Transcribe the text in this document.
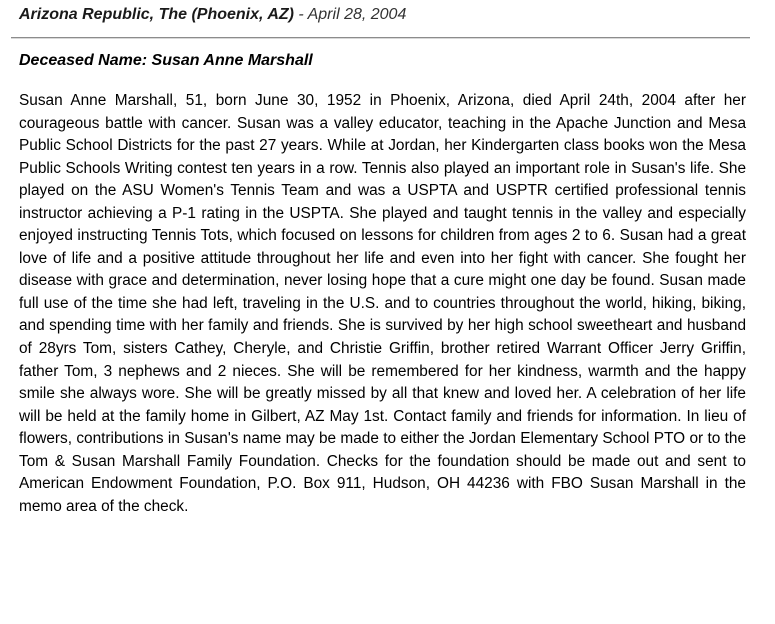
Arizona Republic, The (Phoenix, AZ) - April 28, 2004
Deceased Name: Susan Anne Marshall

Susan Anne Marshall, 51, born June 30, 1952 in Phoenix, Arizona, died April 24th, 2004 after her courageous battle with cancer. Susan was a valley educator, teaching in the Apache Junction and Mesa Public School Districts for the past 27 years. While at Jordan, her Kindergarten class books won the Mesa Public Schools Writing contest ten years in a row. Tennis also played an important role in Susan's life. She played on the ASU Women's Tennis Team and was a USPTA and USPTR certified professional tennis instructor achieving a P-1 rating in the USPTA. She played and taught tennis in the valley and especially enjoyed instructing Tennis Tots, which focused on lessons for children from ages 2 to 6. Susan had a great love of life and a positive attitude throughout her life and even into her fight with cancer. She fought her disease with grace and determination, never losing hope that a cure might one day be found. Susan made full use of the time she had left, traveling in the U.S. and to countries throughout the world, hiking, biking, and spending time with her family and friends. She is survived by her high school sweetheart and husband of 28yrs Tom, sisters Cathey, Cheryle, and Christie Griffin, brother retired Warrant Officer Jerry Griffin, father Tom, 3 nephews and 2 nieces. She will be remembered for her kindness, warmth and the happy smile she always wore. She will be greatly missed by all that knew and loved her. A celebration of her life will be held at the family home in Gilbert, AZ May 1st. Contact family and friends for information. In lieu of flowers, contributions in Susan's name may be made to either the Jordan Elementary School PTO or to the Tom & Susan Marshall Family Foundation. Checks for the foundation should be made out and sent to American Endowment Foundation, P.O. Box 911, Hudson, OH 44236 with FBO Susan Marshall in the memo area of the check.
